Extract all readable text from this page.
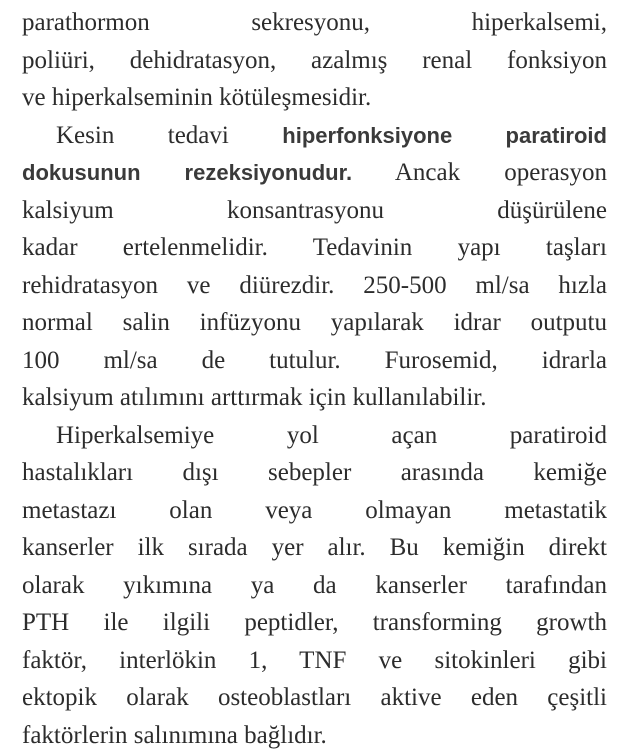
parathormon sekresyonu, hiperkalsemi,
poliüri, dehidratasyon, azalmış renal fonksiyon
ve hiperkalseminin kötüleşmesidir.
Kesin tedavi hiperfonksiyone paratiroid
dokusunun rezeksiyonudur. Ancak operasyon
kalsiyum konsantrasyonu düşürülene
kadar ertelenmelidir. Tedavinin yapı taşları
rehidratasyon ve diürezdir. 250-500 ml/sa hızla
normal salin infüzyonu yapılarak idrar outputu
100 ml/sa de tutulur. Furosemid, idrarla
kalsiyum atılımını arttırmak için kullanılabilir.
Hiperkalsemiye yol açan paratiroid
hastalıkları dışı sebepler arasında kemiğe
metastazı olan veya olmayan metastatik
kanserler ilk sırada yer alır. Bu kemiğin direkt
olarak yıkımına ya da kanserler tarafından
PTH ile ilgili peptidler, transforming growth
faktör, interlökin 1, TNF ve sitokinleri gibi
ektopik olarak osteoblastları aktive eden çeşitli
faktörlerin salınımına bağlıdır.
